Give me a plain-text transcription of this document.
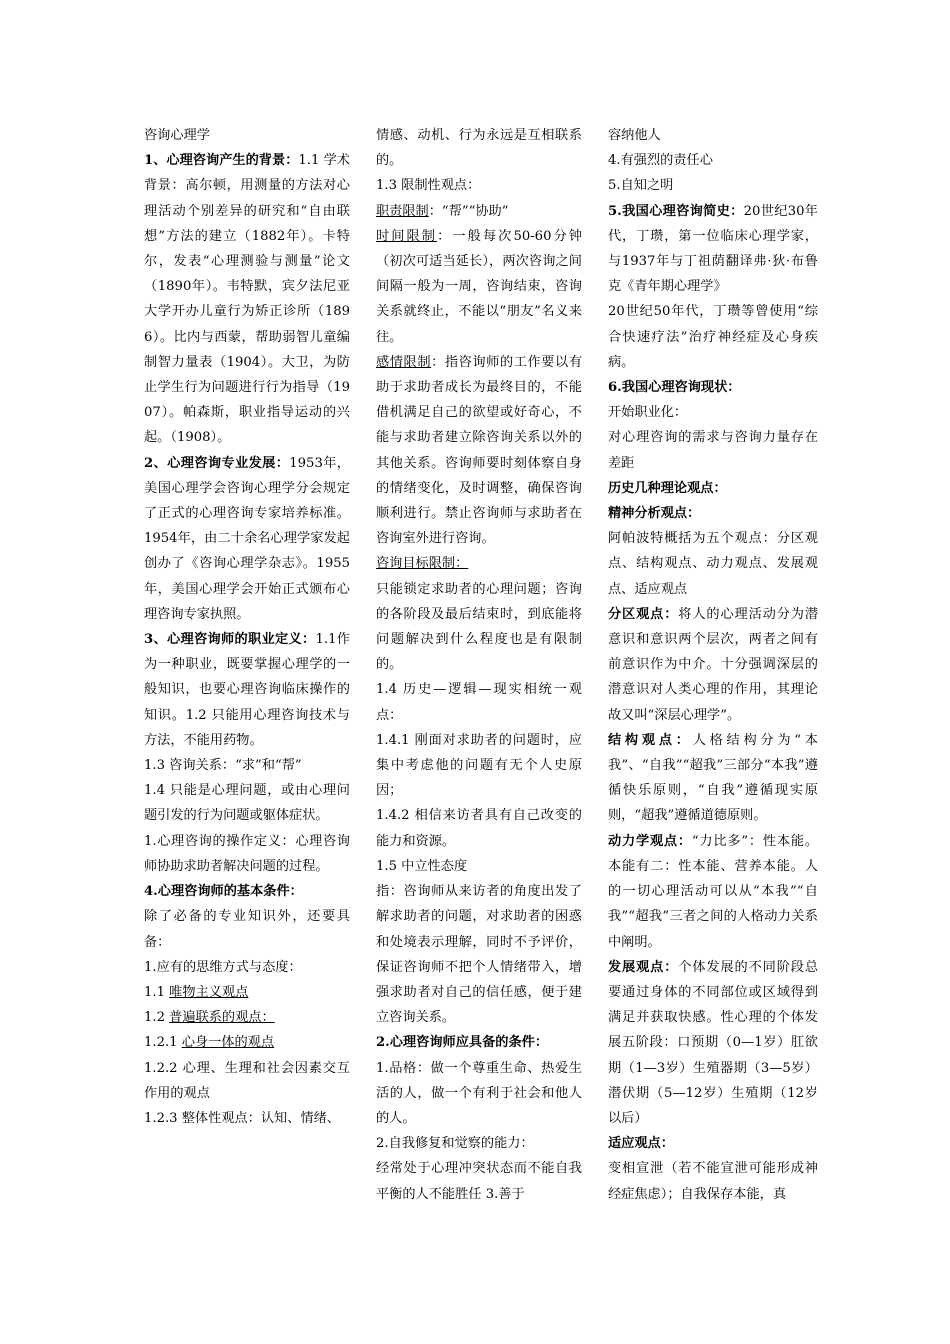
咨询心理学

1、心理咨询产生的背景：1.1 学术背景：高尔顿，用测量的方法对心理活动个别差异的研究和“自由联想”方法的建立（1882年）。卡特尔，发表“心理测验与测量”论文（1890年）。韦特默，宾夕法尼亚大学开办儿童行为矫正诊所（1896）。比内与西蒙，帮助弱智儿童编制智力量表（1904）。大卫，为防止学生行为问题进行行为指导（1907）。帕森斯，职业指导运动的兴起。（1908）。

2、心理咨询专业发展：1953年，美国心理学会咨询心理学分会规定了正式的心理咨询专家培养标准。1954年，由二十余名心理学家发起创办了《咨询心理学杂志》。1955年，美国心理学会开始正式颁布心理咨询专家执照。

3、心理咨询师的职业定义：1.1作为一种职业，既要掌握心理学的一般知识，也要心理咨询临床操作的知识。1.2 只能用心理咨询技术与方法，不能用药物。

1.3 咨询关系：“求”和“帮”

1.4 只能是心理问题，或由心理问题引发的行为问题或躯体症状。

1.心理咨询的操作定义：心理咨询师协助求助者解决问题的过程。

4.心理咨询师的基本条件：

除了必备的专业知识外，还要具备：

1.应有的思维方式与态度：

1.1 唯物主义观点

1.2 普遍联系的观点：

1.2.1 心身一体的观点

1.2.2 心理、生理和社会因素交互作用的观点

1.2.3 整体性观点：认知、情绪、

情感、动机、行为永远是互相联系的。

1.3 限制性观点：

职责限制：“帮”“协助”

时间限制：一般每次50-60分钟（初次可适当延长），两次咨询之间间隔一般为一周，咨询结束，咨询关系就终止，不能以“朋友”名义来往。

感情限制：指咨询师的工作要以有助于求助者成长为最终目的，不能借机满足自己的欲望或好奇心，不能与求助者建立除咨询关系以外的其他关系。咨询师要时刻体察自身的情绪变化，及时调整，确保咨询顺利进行。禁止咨询师与求助者在咨询室外进行咨询。

咨询目标限制：

只能锁定求助者的心理问题；咨询的各阶段及最后结束时，到底能将问题解决到什么程度也是有限制的。

1.4 历史—逻辑—现实相统一观点：

1.4.1 刚面对求助者的问题时，应集中考虑他的问题有无个人史原因；

1.4.2 相信来访者具有自己改变的能力和资源。

1.5 中立性态度

指：咨询师从来访者的角度出发了解求助者的问题，对求助者的困惑和处境表示理解，同时不予评价，保证咨询师不把个人情绪带入，增强求助者对自己的信任感，便于建立咨询关系。

2.心理咨询师应具备的条件：

1.品格：做一个尊重生命、热爱生活的人，做一个有利于社会和他人的人。

2.自我修复和觉察的能力：

经常处于心理冲突状态而不能自我平衡的人不能胜任 3.善于

容纳他人

4.有强烈的责任心

5.自知之明

5.我国心理咨询简史：20世纪30年代，丁瓒，第一位临床心理学家，与1937年与丁祖荫翻译弗·狄·布鲁克《青年期心理学》

20世纪50年代，丁瓒等曾使用“综合快速疗法”治疗神经症及心身疾病。

6.我国心理咨询现状：

开始职业化：

对心理咨询的需求与咨询力量存在差距

历史几种理论观点：

精神分析观点：

阿帕波特概括为五个观点：分区观点、结构观点、动力观点、发展观点、适应观点

分区观点：将人的心理活动分为潜意识和意识两个层次，两者之间有前意识作为中介。十分强调深层的潜意识对人类心理的作用，其理论故又叫“深层心理学”。

结构观点：人格结构分为“本我”、“自我”“超我”三部分“本我”遵循快乐原则，“自我”遵循现实原则，“超我”遵循道德原则。

动力学观点：“力比多”：性本能。本能有二：性本能、营养本能。人的一切心理活动可以从“本我”“自我”“超我”三者之间的人格动力关系中阐明。

发展观点：个体发展的不同阶段总要通过身体的不同部位或区域得到满足并获取快感。性心理的个体发展五阶段：口预期（0—1岁）肛欲期（1—3岁）生殖器期（3—5岁）潜伏期（5—12岁）生殖期（12岁以后）

适应观点：

变相宣泄（若不能宣泄可能形成神经症焦虑）；自我保存本能，真
